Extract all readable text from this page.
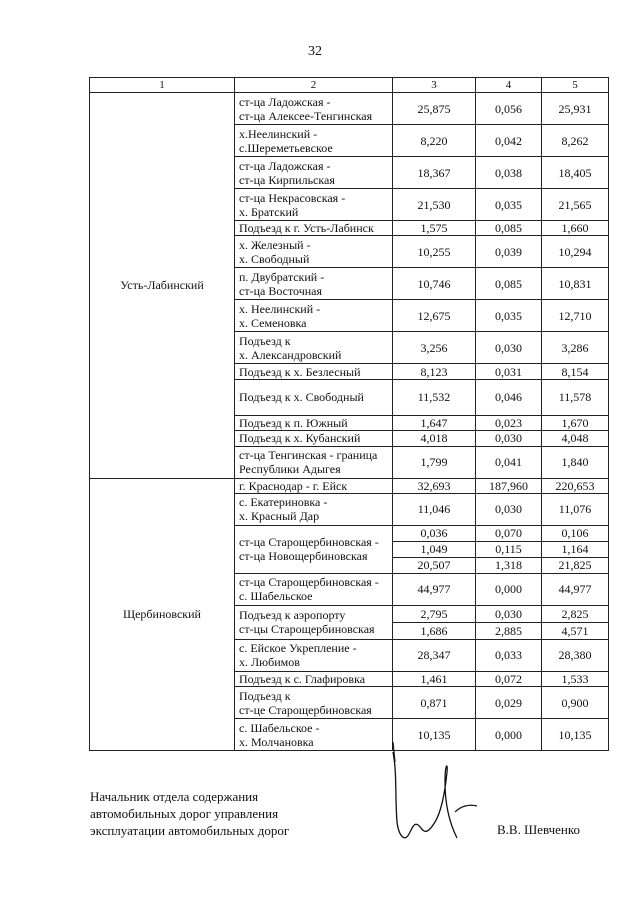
32
1	2	3	4	5
Усть-Лабинский	ст-ца Ладожская -
ст-ца Алексее-Тенгинская	25,875	0,056	25,931

	х.Неелинский -
с.Шереметьевское	8,220	0,042	8,262

	ст-ца Ладожская -
ст-ца Кирпильская	18,367	0,038	18,405

	ст-ца Некрасовская -
х. Братский	21,530	0,035	21,565

	Подъезд к г. Усть-Лабинск	1,575	0,085	1,660

	х. Железный -
х. Свободный	10,255	0,039	10,294

	п. Двубратский -
ст-ца Восточная	10,746	0,085	10,831

	х. Неелинский -
х. Семеновка	12,675	0,035	12,710

	Подъезд к
х. Александровский	3,256	0,030	3,286

	Подъезд к х. Безлесный	8,123	0,031	8,154

	Подъезд к х. Свободный	11,532	0,046	11,578

	Подъезд к п. Южный	1,647	0,023	1,670

	Подъезд к х. Кубанский	4,018	0,030	4,048

	ст-ца Тенгинская - граница
Республики Адыгея	1,799	0,041	1,840
Щербиновский	г. Краснодар - г. Ейск	32,693	187,960	220,653

	с. Екатериновка -
х. Красный Дар	11,046	0,030	11,076

	ст-ца Старощербиновская -
ст-ца Новощербиновская	0,036	0,070	0,106
		1,049	0,115	1,164
		20,507	1,318	21,825

	ст-ца Старощербиновская -
с. Шабельское	44,977	0,000	44,977

	Подъезд к аэропорту
ст-цы Старощербиновская	2,795	0,030	2,825
		1,686	2,885	4,571

	с. Ейское Укрепление -
х. Любимов	28,347	0,033	28,380

	Подъезд к с. Глафировка	1,461	0,072	1,533

	Подъезд к
ст-це Старощербиновская	0,871	0,029	0,900

	с. Шабельское -
х. Молчановка	10,135	0,000	10,135
Начальник отдела содержания
автомобильных дорог управления
эксплуатации автомобильных дорог	В.В. Шевченко
